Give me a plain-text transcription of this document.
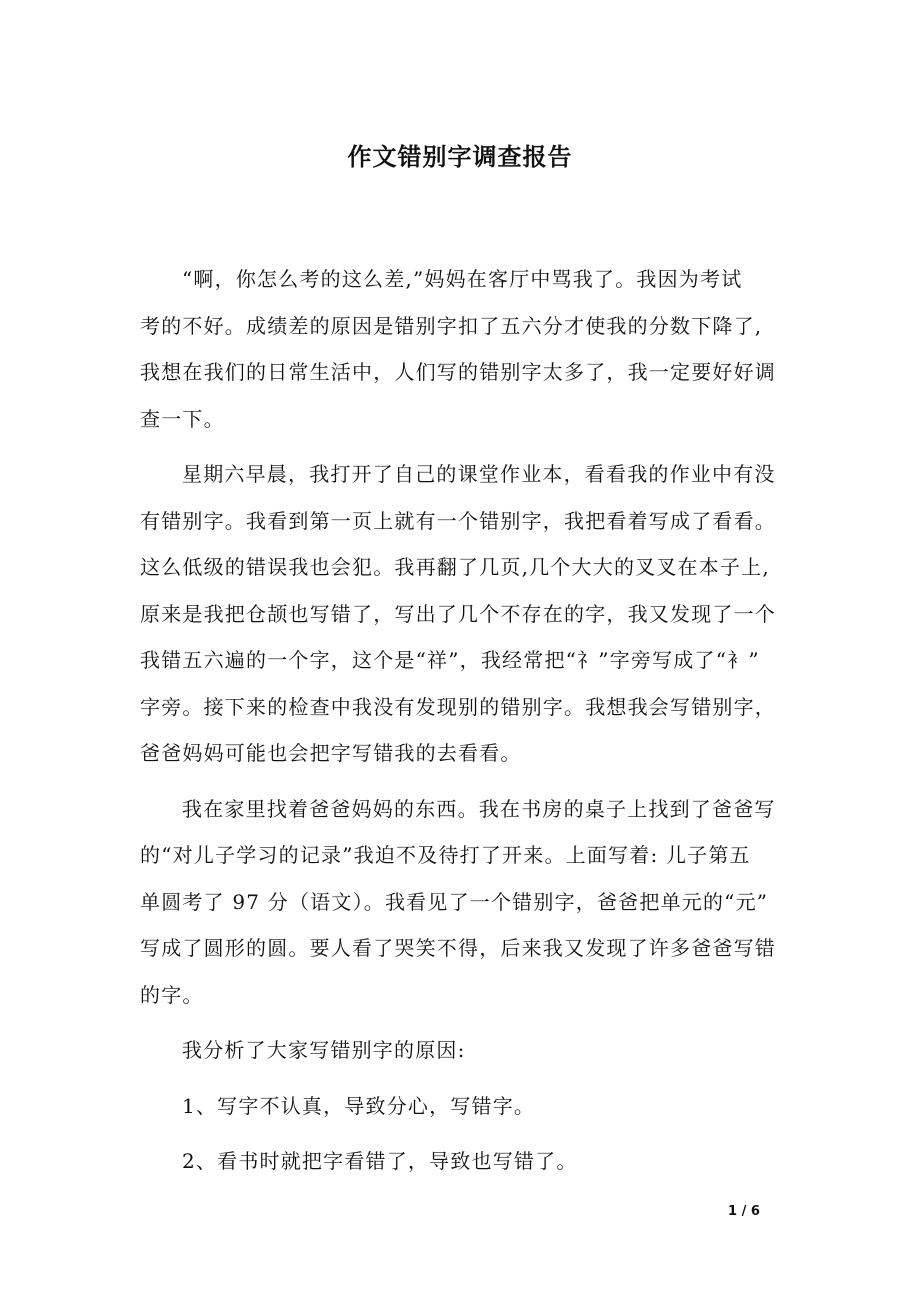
作文错别字调查报告
“啊，你怎么考的这么差,”妈妈在客厅中骂我了。我因为考试
考的不好。成绩差的原因是错别字扣了五六分才使我的分数下降了,
我想在我们的日常生活中，人们写的错别字太多了，我一定要好好调
查一下。
星期六早晨，我打开了自己的课堂作业本，看看我的作业中有没
有错别字。我看到第一页上就有一个错别字，我把看着写成了看看。
这么低级的错误我也会犯。我再翻了几页,几个大大的叉叉在本子上,
原来是我把仓颉也写错了，写出了几个不存在的字，我又发现了一个
我错五六遍的一个字，这个是“祥”，我经常把“礻”字旁写成了“衤”
字旁。接下来的检查中我没有发现别的错别字。我想我会写错别字，
爸爸妈妈可能也会把字写错我的去看看。
我在家里找着爸爸妈妈的东西。我在书房的桌子上找到了爸爸写
的“对儿子学习的记录”我迫不及待打了开来。上面写着: 儿子第五
单圆考了 97 分（语文）。我看见了一个错别字，爸爸把单元的“元”
写成了圆形的圆。要人看了哭笑不得，后来我又发现了许多爸爸写错
的字。
我分析了大家写错别字的原因:
1、写字不认真，导致分心，写错字。
2、看书时就把字看错了，导致也写错了。
1 / 6
